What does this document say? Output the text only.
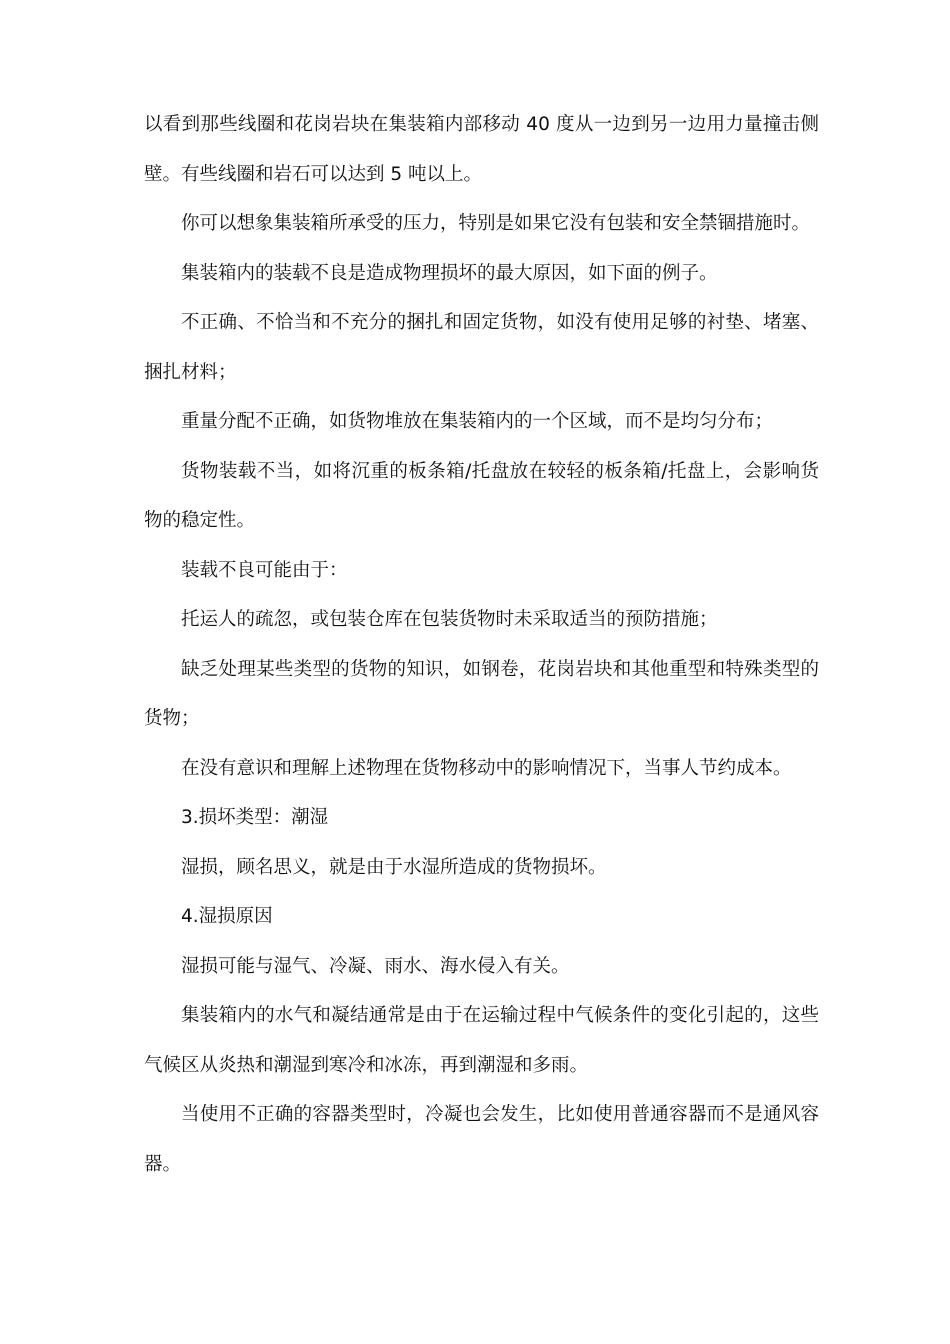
以看到那些线圈和花岗岩块在集装箱内部移动 40 度从一边到另一边用力量撞击侧壁。有些线圈和岩石可以达到 5 吨以上。

你可以想象集装箱所承受的压力，特别是如果它没有包装和安全禁锢措施时。

集装箱内的装载不良是造成物理损坏的最大原因，如下面的例子。

不正确、不恰当和不充分的捆扎和固定货物，如没有使用足够的衬垫、堵塞、捆扎材料；

重量分配不正确，如货物堆放在集装箱内的一个区域，而不是均匀分布；

货物装载不当，如将沉重的板条箱/托盘放在较轻的板条箱/托盘上，会影响货物的稳定性。

装载不良可能由于：

托运人的疏忽，或包装仓库在包装货物时未采取适当的预防措施；

缺乏处理某些类型的货物的知识，如钢卷，花岗岩块和其他重型和特殊类型的货物；

在没有意识和理解上述物理在货物移动中的影响情况下，当事人节约成本。

3.损坏类型：潮湿

湿损，顾名思义，就是由于水湿所造成的货物损坏。

4.湿损原因

湿损可能与湿气、冷凝、雨水、海水侵入有关。

集装箱内的水气和凝结通常是由于在运输过程中气候条件的变化引起的，这些气候区从炎热和潮湿到寒冷和冰冻，再到潮湿和多雨。

当使用不正确的容器类型时，冷凝也会发生，比如使用普通容器而不是通风容器。
